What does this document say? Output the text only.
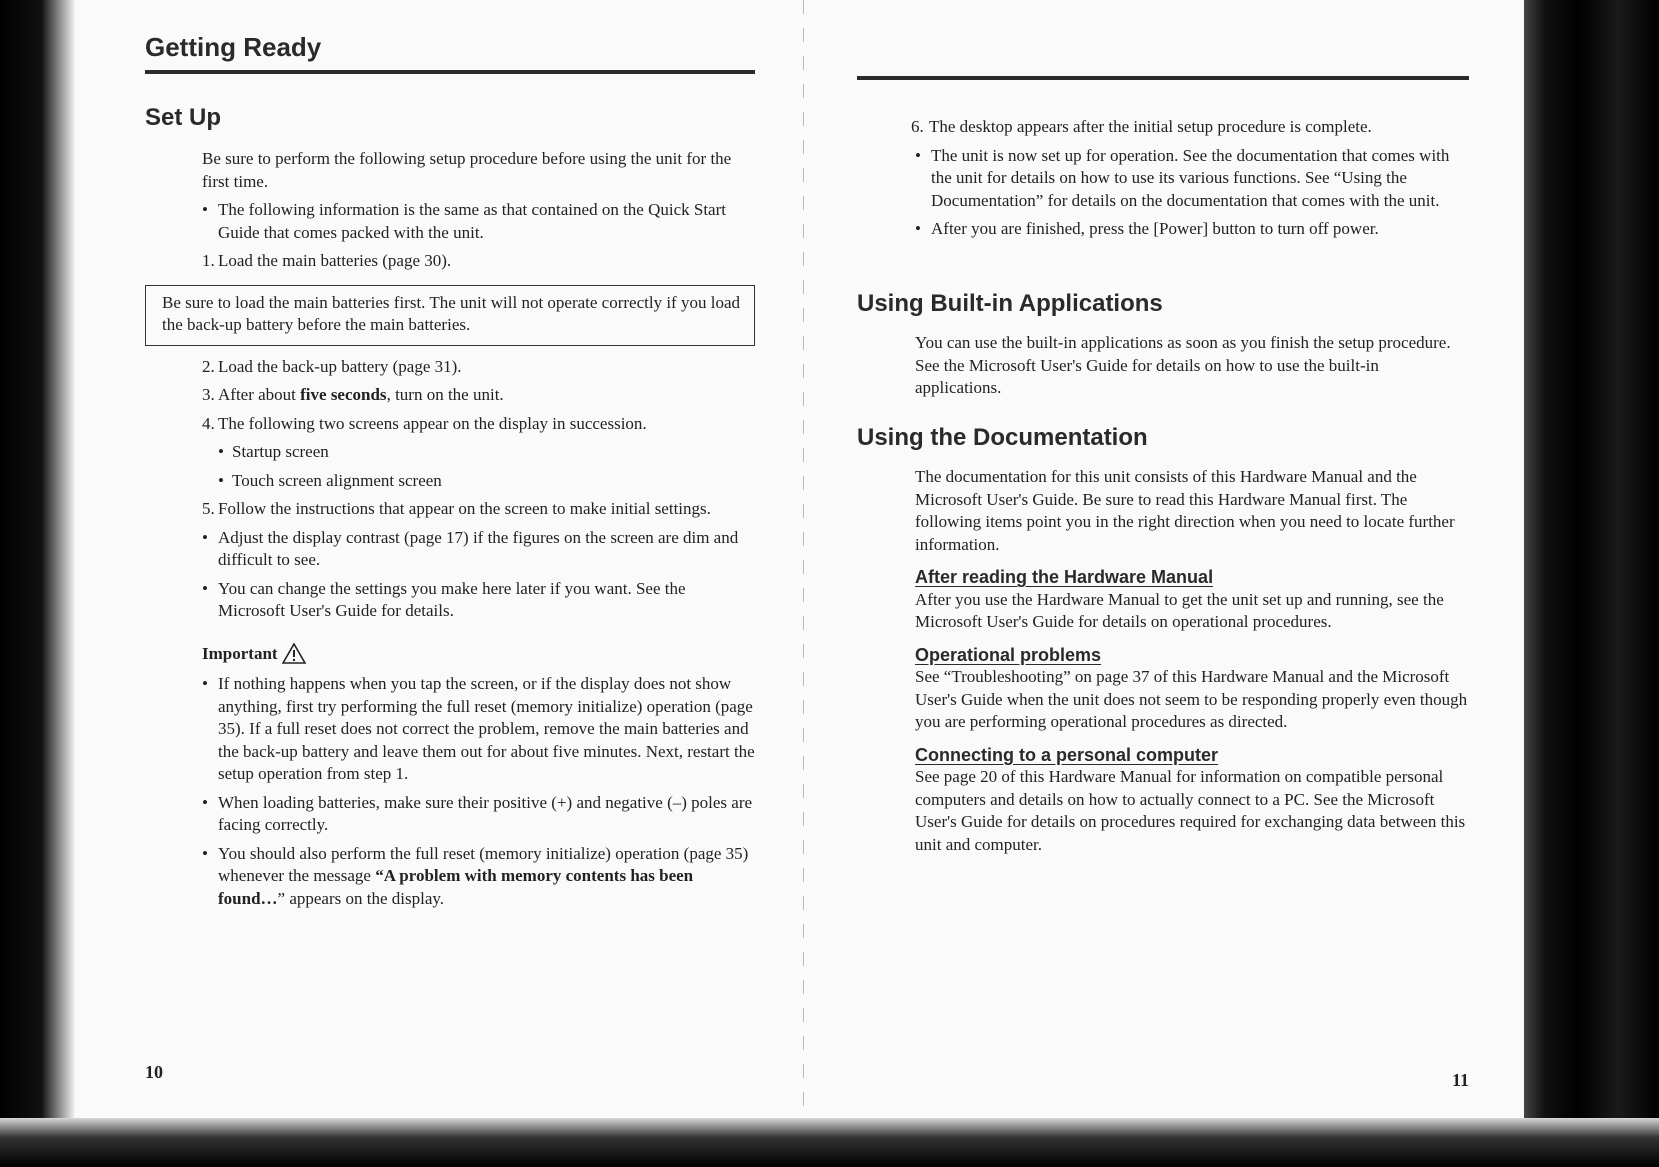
Getting Ready
Set Up

Be sure to perform the following setup procedure before using the unit for the first time.

• The following information is the same as that contained on the Quick Start Guide that comes packed with the unit.

1. Load the main batteries (page 30).

Be sure to load the main batteries first. The unit will not operate correctly if you load the back-up battery before the main batteries.

2. Load the back-up battery (page 31).

3. After about five seconds, turn on the unit.

4. The following two screens appear on the display in succession.

• Startup screen

• Touch screen alignment screen

5. Follow the instructions that appear on the screen to make initial settings.

• Adjust the display contrast (page 17) if the figures on the screen are dim and difficult to see.

• You can change the settings you make here later if you want. See the Microsoft User's Guide for details.

Important

• If nothing happens when you tap the screen, or if the display does not show anything, first try performing the full reset (memory initialize) operation (page 35). If a full reset does not correct the problem, remove the main batteries and the back-up battery and leave them out for about five minutes. Next, restart the setup operation from step 1.

• When loading batteries, make sure their positive (+) and negative (–) poles are facing correctly.

• You should also perform the full reset (memory initialize) operation (page 35) whenever the message “A problem with memory contents has been found…” appears on the display.

10

6. The desktop appears after the initial setup procedure is complete.

• The unit is now set up for operation. See the documentation that comes with the unit for details on how to use its various functions. See “Using the Documentation” for details on the documentation that comes with the unit.

• After you are finished, press the [Power] button to turn off power.

Using Built-in Applications

You can use the built-in applications as soon as you finish the setup procedure. See the Microsoft User's Guide for details on how to use the built-in applications.

Using the Documentation

The documentation for this unit consists of this Hardware Manual and the Microsoft User's Guide. Be sure to read this Hardware Manual first. The following items point you in the right direction when you need to locate further information.

After reading the Hardware Manual

After you use the Hardware Manual to get the unit set up and running, see the Microsoft User's Guide for details on operational procedures.

Operational problems

See “Troubleshooting” on page 37 of this Hardware Manual and the Microsoft User's Guide when the unit does not seem to be responding properly even though you are performing operational procedures as directed.

Connecting to a personal computer

See page 20 of this Hardware Manual for information on compatible personal computers and details on how to actually connect to a PC. See the Microsoft User's Guide for details on procedures required for exchanging data between this unit and computer.

11
